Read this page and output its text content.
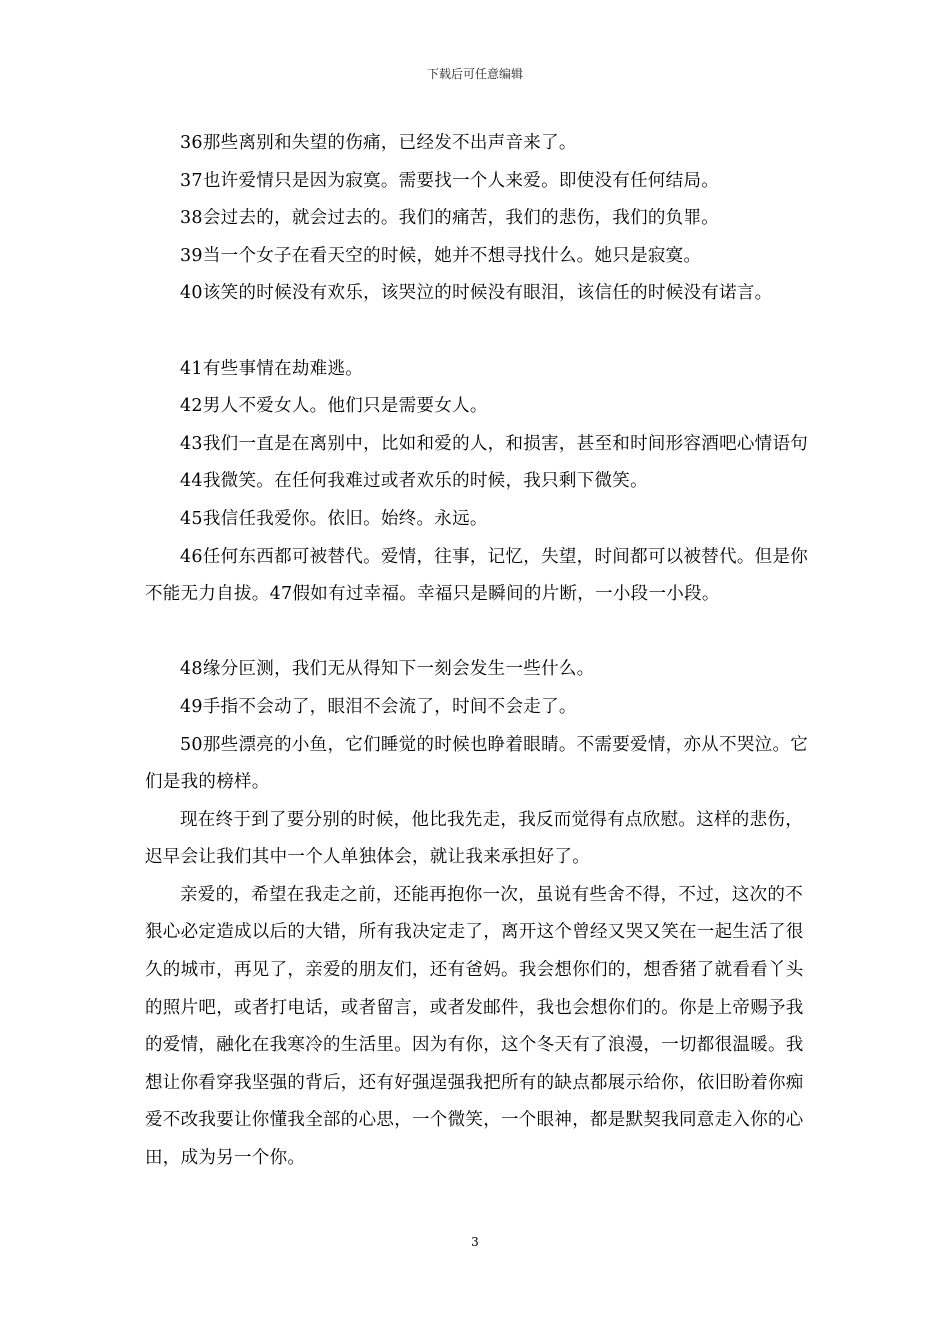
下载后可任意编辑

36那些离别和失望的伤痛，已经发不出声音来了。

37也许爱情只是因为寂寞。需要找一个人来爱。即使没有任何结局。

38会过去的，就会过去的。我们的痛苦，我们的悲伤，我们的负罪。

39当一个女子在看天空的时候，她并不想寻找什么。她只是寂寞。

40该笑的时候没有欢乐，该哭泣的时候没有眼泪，该信任的时候没有诺言。

41有些事情在劫难逃。

42男人不爱女人。他们只是需要女人。

43我们一直是在离别中，比如和爱的人，和损害，甚至和时间形容酒吧心情语句

44我微笑。在任何我难过或者欢乐的时候，我只剩下微笑。

45我信任我爱你。依旧。始终。永远。

46任何东西都可被替代。爱情，往事，记忆，失望，时间都可以被替代。但是你不能无力自拔。47假如有过幸福。幸福只是瞬间的片断，一小段一小段。

48缘分叵测，我们无从得知下一刻会发生一些什么。

49手指不会动了，眼泪不会流了，时间不会走了。

50那些漂亮的小鱼，它们睡觉的时候也睁着眼睛。不需要爱情，亦从不哭泣。它们是我的榜样。

现在终于到了要分别的时候，他比我先走，我反而觉得有点欣慰。这样的悲伤，迟早会让我们其中一个人单独体会，就让我来承担好了。

亲爱的，希望在我走之前，还能再抱你一次，虽说有些舍不得，不过，这次的不狠心必定造成以后的大错，所有我决定走了，离开这个曾经又哭又笑在一起生活了很久的城市，再见了，亲爱的朋友们，还有爸妈。我会想你们的，想香猪了就看看丫头的照片吧，或者打电话，或者留言，或者发邮件，我也会想你们的。你是上帝赐予我的爱情，融化在我寒冷的生活里。因为有你，这个冬天有了浪漫，一切都很温暖。我想让你看穿我坚强的背后，还有好强逞强我把所有的缺点都展示给你，依旧盼着你痴爱不改我要让你懂我全部的心思，一个微笑，一个眼神，都是默契我同意走入你的心田，成为另一个你。

3
